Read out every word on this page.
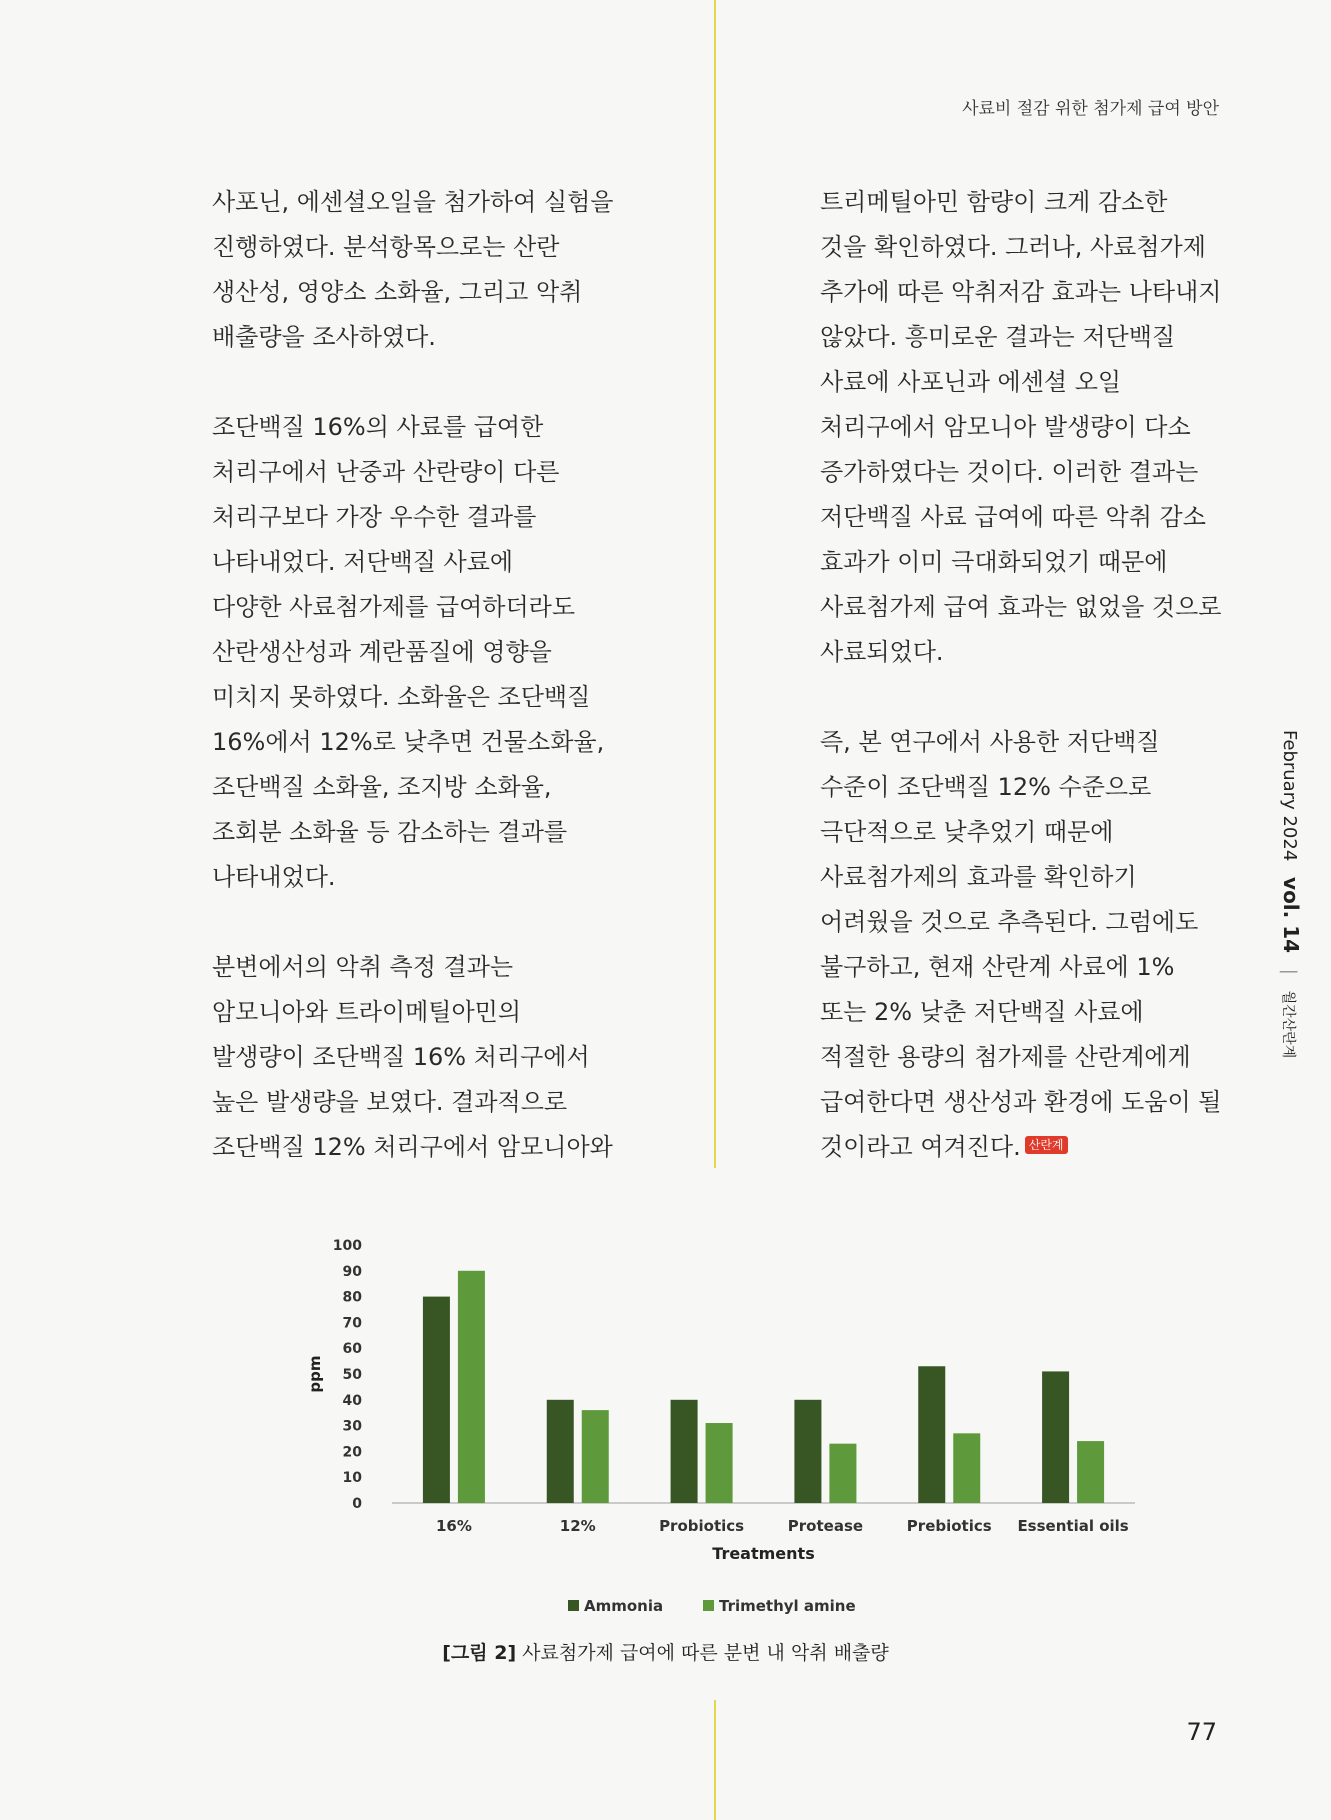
사료비 절감 위한 첨가제 급여 방안
사포닌, 에센셜오일을 첨가하여 실험을
진행하였다. 분석항목으로는 산란
생산성, 영양소 소화율, 그리고 악취
배출량을 조사하였다.
조단백질 16%의 사료를 급여한
처리구에서 난중과 산란량이 다른
처리구보다 가장 우수한 결과를
나타내었다. 저단백질 사료에
다양한 사료첨가제를 급여하더라도
산란생산성과 계란품질에 영향을
미치지 못하였다. 소화율은 조단백질
16%에서 12%로 낮추면 건물소화율,
조단백질 소화율, 조지방 소화율,
조회분 소화율 등 감소하는 결과를
나타내었다.
분변에서의 악취 측정 결과는
암모니아와 트라이메틸아민의
발생량이 조단백질 16% 처리구에서
높은 발생량을 보였다. 결과적으로
조단백질 12% 처리구에서 암모니아와
트리메틸아민 함량이 크게 감소한
것을 확인하였다. 그러나, 사료첨가제
추가에 따른 악취저감 효과는 나타내지
않았다. 흥미로운 결과는 저단백질
사료에 사포닌과 에센셜 오일
처리구에서 암모니아 발생량이 다소
증가하였다는 것이다. 이러한 결과는
저단백질 사료 급여에 따른 악취 감소
효과가 이미 극대화되었기 때문에
사료첨가제 급여 효과는 없었을 것으로
사료되었다.
즉, 본 연구에서 사용한 저단백질
수준이 조단백질 12% 수준으로
극단적으로 낮추었기 때문에
사료첨가제의 효과를 확인하기
어려웠을 것으로 추측된다. 그럼에도
불구하고, 현재 산란계 사료에 1%
또는 2% 낮춘 저단백질 사료에
적절한 용량의 첨가제를 산란계에게
급여한다면 생산성과 환경에 도움이 될
것이라고 여겨진다. 산란계
February 2024 vol. 14 | 월간산란계
0
10
20
30
40
50
60
70
80
90
100
ppm
16%	12%	Probiotics	Protease	Prebiotics Essential oils
Treatments
Ammonia	Trimethyl amine
[그림 2] 사료첨가제 급여에 따른 분변 내 악취 배출량
77
